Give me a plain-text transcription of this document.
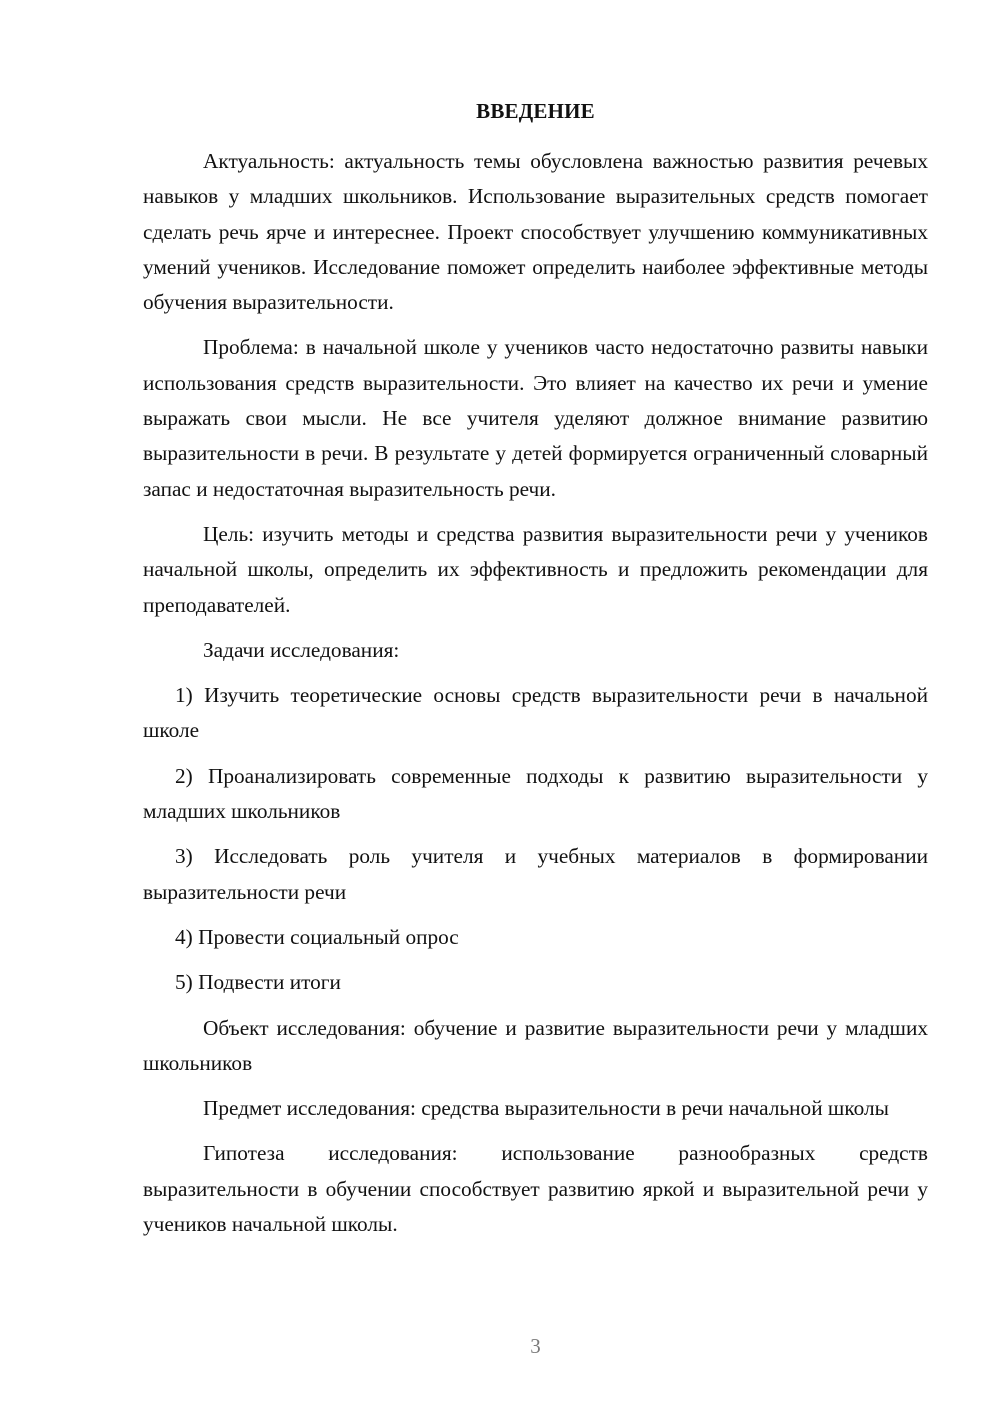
ВВЕДЕНИЕ

Актуальность: актуальность темы обусловлена важностью развития речевых навыков у младших школьников. Использование выразительных средств помогает сделать речь ярче и интереснее. Проект способствует улучшению коммуникативных умений учеников. Исследование поможет определить наиболее эффективные методы обучения выразительности.

Проблема: в начальной школе у учеников часто недостаточно развиты навыки использования средств выразительности. Это влияет на качество их речи и умение выражать свои мысли. Не все учителя уделяют должное внимание развитию выразительности в речи. В результате у детей формируется ограниченный словарный запас и недостаточная выразительность речи.

Цель: изучить методы и средства развития выразительности речи у учеников начальной школы, определить их эффективность и предложить рекомендации для преподавателей.

Задачи исследования:

1) Изучить теоретические основы средств выразительности речи в начальной школе

2) Проанализировать современные подходы к развитию выразительности у младших школьников

3) Исследовать роль учителя и учебных материалов в формировании выразительности речи

4) Провести социальный опрос

5) Подвести итоги

Объект исследования: обучение и развитие выразительности речи у младших школьников

Предмет исследования: средства выразительности в речи начальной школы

Гипотеза исследования: использование разнообразных средств выразительности в обучении способствует развитию яркой и выразительной речи у учеников начальной школы.

3
